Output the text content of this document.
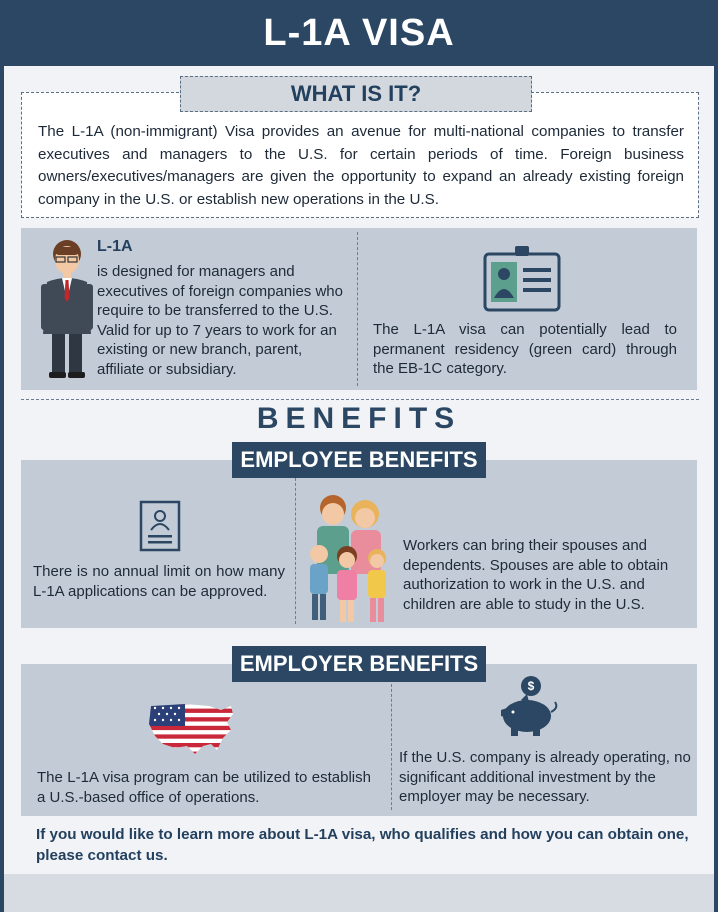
L-1A VISA
WHAT IS IT?

The L-1A (non-immigrant) Visa provides an avenue for multi-national companies to transfer executives and managers to the U.S. for certain periods of time. Foreign business owners/executives/managers are given the opportunity to expand an already existing foreign company in the U.S. or establish new operations in the U.S.

L-1A
is designed for managers and executives of foreign companies who require to be transferred to the U.S. Valid for up to 7 years to work for an existing or new branch, parent, affiliate or subsidiary.
The L-1A visa can potentially lead to permanent residency (green card) through the EB-1C category.
BENEFITS
EMPLOYEE BENEFITS
There is no annual limit on how many L-1A applications can be approved.
Workers can bring their spouses and dependents. Spouses are able to obtain authorization to work in the U.S. and children are able to study in the U.S.
EMPLOYER BENEFITS
The L-1A visa program can be utilized to establish a U.S.-based office of operations.
$
If the U.S. company is already operating, no significant additional investment by the employer may be necessary.
If you would like to learn more about L-1A visa, who qualifies and how you can obtain one, please contact us.
